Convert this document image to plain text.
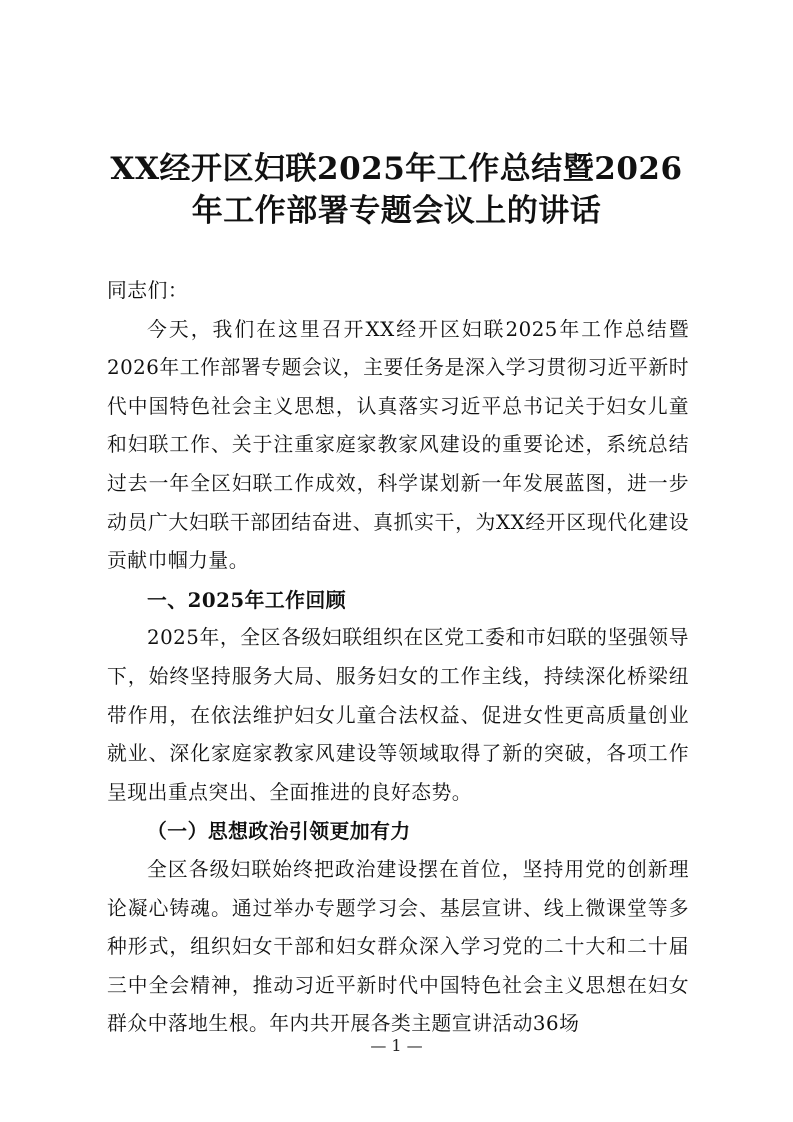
XX经开区妇联2025年工作总结暨2026
年工作部署专题会议上的讲话

同志们：

今天，我们在这里召开XX经开区妇联2025年工作总结暨2026年工作部署专题会议，主要任务是深入学习贯彻习近平新时代中国特色社会主义思想，认真落实习近平总书记关于妇女儿童和妇联工作、关于注重家庭家教家风建设的重要论述，系统总结过去一年全区妇联工作成效，科学谋划新一年发展蓝图，进一步动员广大妇联干部团结奋进、真抓实干，为XX经开区现代化建设贡献巾帼力量。

一、2025年工作回顾

2025年，全区各级妇联组织在区党工委和市妇联的坚强领导下，始终坚持服务大局、服务妇女的工作主线，持续深化桥梁纽带作用，在依法维护妇女儿童合法权益、促进女性更高质量创业就业、深化家庭家教家风建设等领域取得了新的突破，各项工作呈现出重点突出、全面推进的良好态势。

（一）思想政治引领更加有力

全区各级妇联始终把政治建设摆在首位，坚持用党的创新理论凝心铸魂。通过举办专题学习会、基层宣讲、线上微课堂等多种形式，组织妇女干部和妇女群众深入学习党的二十大和二十届三中全会精神，推动习近平新时代中国特色社会主义思想在妇女群众中落地生根。年内共开展各类主题宣讲活动36场

— 1 —
